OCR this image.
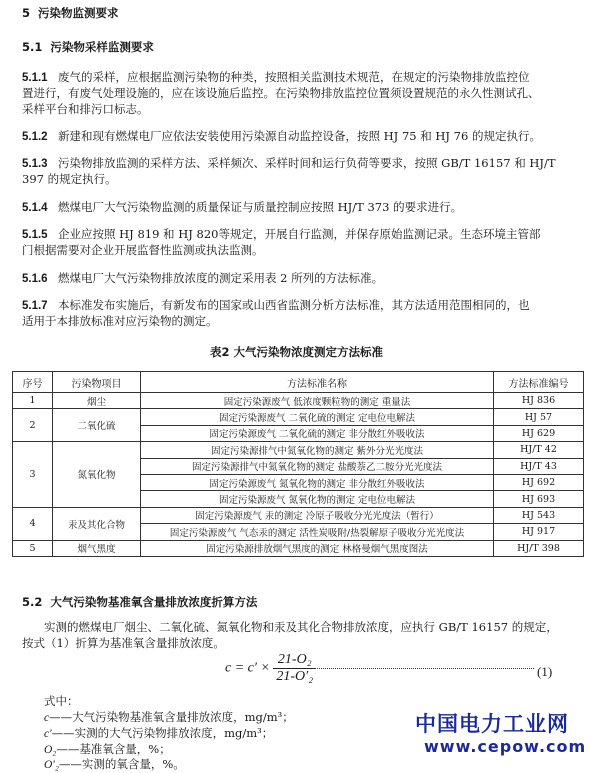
5 污染物监测要求
5.1 污染物采样监测要求
5.1.1 废气的采样，应根据监测污染物的种类，按照相关监测技术规范，在规定的污染物排放监控位
置进行，有废气处理设施的，应在该设施后监控。在污染物排放监控位置须设置规范的永久性测试孔、
采样平台和排污口标志。
5.1.2 新建和现有燃煤电厂应依法安装使用污染源自动监控设备，按照 HJ 75 和 HJ 76 的规定执行。
5.1.3 污染物排放监测的采样方法、采样频次、采样时间和运行负荷等要求，按照 GB/T 16157 和 HJ/T
397 的规定执行。
5.1.4 燃煤电厂大气污染物监测的质量保证与质量控制应按照 HJ/T 373 的要求进行。
5.1.5 企业应按照 HJ 819 和 HJ 820等规定，开展自行监测，并保存原始监测记录。生态环境主管部
门根据需要对企业开展监督性监测或执法监测。
5.1.6 燃煤电厂大气污染物排放浓度的测定采用表 2 所列的方法标准。
5.1.7 本标准发布实施后，有新发布的国家或山西省监测分析方法标准，其方法适用范围相同的，也
适用于本排放标准对应污染物的测定。
表2 大气污染物浓度测定方法标准
序号	污染物项目	方法标准名称	方法标准编号
1	烟尘	固定污染源废气 低浓度颗粒物的测定 重量法	HJ 836
2	二氧化硫	固定污染源废气 二氧化硫的测定 定电位电解法	HJ 57
		固定污染源废气 二氧化硫的测定 非分散红外吸收法	HJ 629
3	氮氧化物	固定污染源排气中氮氧化物的测定 紫外分光光度法	HJ/T 42
		固定污染源排气中氮氧化物的测定 盐酸萘乙二胺分光光度法	HJ/T 43
		固定污染源废气 氮氧化物的测定 非分散红外吸收法	HJ 692
		固定污染源废气 氮氧化物的测定 定电位电解法	HJ 693
4	汞及其化合物	固定污染源废气 汞的测定 冷原子吸收分光光度法（暂行）	HJ 543
		固定污染源废气 气态汞的测定 活性炭吸附/热裂解原子吸收分光光度法	HJ 917
5	烟气黑度	固定污染源排放烟气黑度的测定 林格曼烟气黑度图法	HJ/T 398
5.2 大气污染物基准氧含量排放浓度折算方法
实测的燃煤电厂烟尘、二氧化硫、氮氧化物和汞及其化合物排放浓度，应执行 GB/T 16157 的规定，
按式（1）折算为基准氧含量排放浓度。
$c = c' \times \frac{\text{21-O₂}}{\text{21-O′₂}}$	(1)
式中：
c——大气污染物基准氧含量排放浓度，mg/m³；
c′——实测的大气污染物排放浓度，mg/m³；
O₂——基准氧含量，%；
O′₂——实测的氧含量，%。
中国电力工业网
www.cepow.com
